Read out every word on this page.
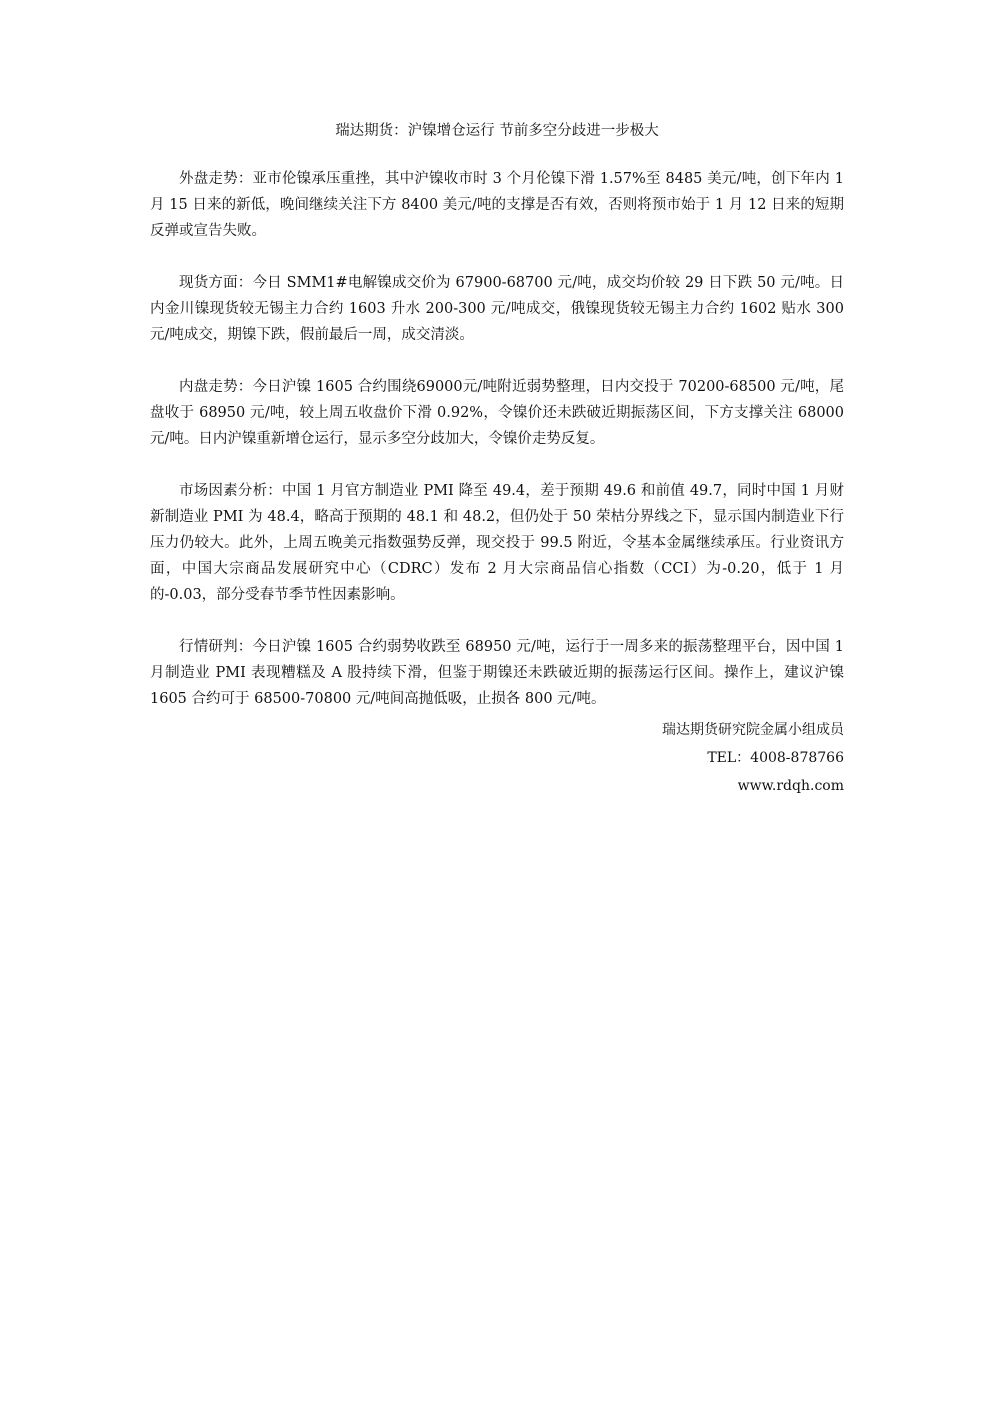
瑞达期货：沪镍增仓运行 节前多空分歧进一步极大

外盘走势：亚市伦镍承压重挫，其中沪镍收市时 3 个月伦镍下滑 1.57%至 8485 美元/吨，创下年内 1 月 15 日来的新低，晚间继续关注下方 8400 美元/吨的支撑是否有效，否则将预市始于 1 月 12 日来的短期反弹或宣告失败。

现货方面：今日 SMM1#电解镍成交价为 67900-68700 元/吨，成交均价较 29 日下跌 50 元/吨。日内金川镍现货较无锡主力合约 1603 升水 200-300 元/吨成交，俄镍现货较无锡主力合约 1602 贴水 300 元/吨成交，期镍下跌，假前最后一周，成交清淡。

内盘走势：今日沪镍 1605 合约围绕69000元/吨附近弱势整理，日内交投于 70200-68500 元/吨，尾盘收于 68950 元/吨，较上周五收盘价下滑 0.92%，令镍价还未跌破近期振荡区间，下方支撑关注 68000 元/吨。日内沪镍重新增仓运行，显示多空分歧加大，令镍价走势反复。

市场因素分析：中国 1 月官方制造业 PMI 降至 49.4，差于预期 49.6 和前值 49.7，同时中国 1 月财新制造业 PMI 为 48.4，略高于预期的 48.1 和 48.2，但仍处于 50 荣枯分界线之下，显示国内制造业下行压力仍较大。此外，上周五晚美元指数强势反弹，现交投于 99.5 附近，令基本金属继续承压。行业资讯方面，中国大宗商品发展研究中心（CDRC）发布 2 月大宗商品信心指数（CCI）为-0.20，低于 1 月的-0.03，部分受春节季节性因素影响。

行情研判：今日沪镍 1605 合约弱势收跌至 68950 元/吨，运行于一周多来的振荡整理平台，因中国 1 月制造业 PMI 表现糟糕及 A 股持续下滑，但鉴于期镍还未跌破近期的振荡运行区间。操作上，建议沪镍 1605 合约可于 68500-70800 元/吨间高抛低吸，止损各 800 元/吨。

瑞达期货研究院金属小组成员
TEL：4008-878766
www.rdqh.com
